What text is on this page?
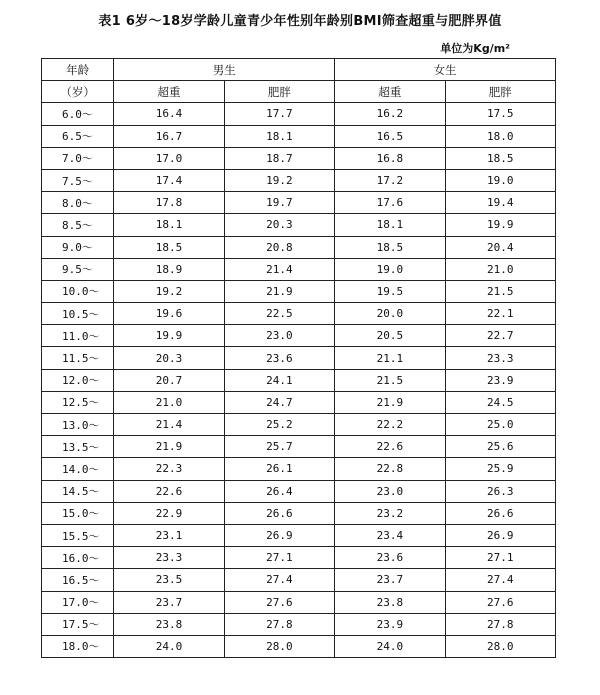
表1 6岁～18岁学龄儿童青少年性别年龄别BMI筛查超重与肥胖界值
单位为Kg/m²
年龄	男生		女生	
（岁）	超重	肥胖	超重	肥胖
6.0～	16.4	17.7	16.2	17.5
6.5～	16.7	18.1	16.5	18.0
7.0～	17.0	18.7	16.8	18.5
7.5～	17.4	19.2	17.2	19.0
8.0～	17.8	19.7	17.6	19.4
8.5～	18.1	20.3	18.1	19.9
9.0～	18.5	20.8	18.5	20.4
9.5～	18.9	21.4	19.0	21.0
10.0～	19.2	21.9	19.5	21.5
10.5～	19.6	22.5	20.0	22.1
11.0～	19.9	23.0	20.5	22.7
11.5～	20.3	23.6	21.1	23.3
12.0～	20.7	24.1	21.5	23.9
12.5～	21.0	24.7	21.9	24.5
13.0～	21.4	25.2	22.2	25.0
13.5～	21.9	25.7	22.6	25.6
14.0～	22.3	26.1	22.8	25.9
14.5～	22.6	26.4	23.0	26.3
15.0～	22.9	26.6	23.2	26.6
15.5～	23.1	26.9	23.4	26.9
16.0～	23.3	27.1	23.6	27.1
16.5～	23.5	27.4	23.7	27.4
17.0～	23.7	27.6	23.8	27.6
17.5～	23.8	27.8	23.9	27.8
18.0～	24.0	28.0	24.0	28.0
